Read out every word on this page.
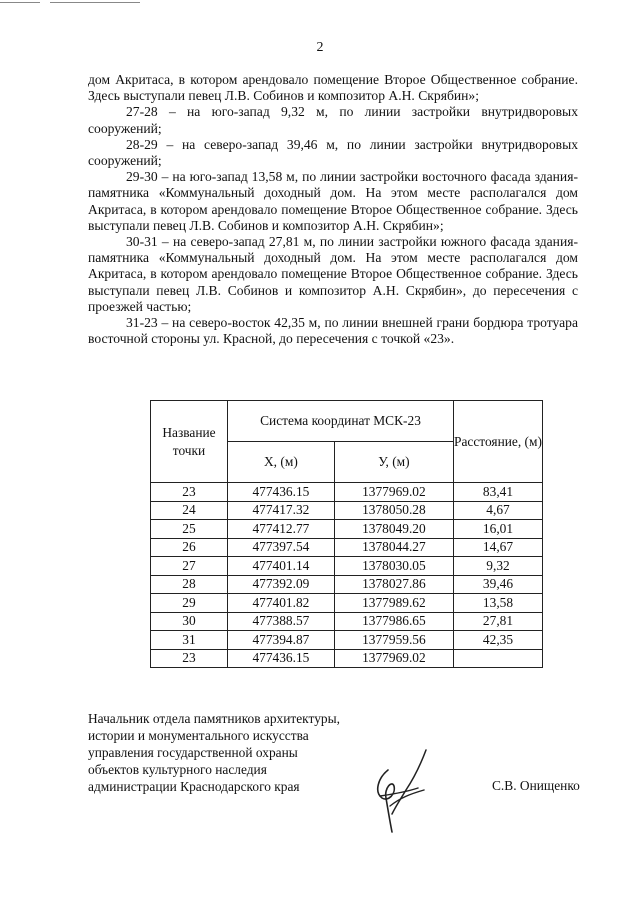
2

дом Акритаса, в котором арендовало помещение Второе Общественное собрание. Здесь выступали певец Л.В. Собинов и композитор А.Н. Скрябин»;

27-28 – на юго-запад 9,32 м, по линии застройки внутридворовых сооружений;

28-29 – на северо-запад 39,46 м, по линии застройки внутридворовых сооружений;

29-30 – на юго-запад 13,58 м, по линии застройки восточного фасада здания-памятника «Коммунальный доходный дом. На этом месте располагался дом Акритаса, в котором арендовало помещение Второе Общественное собрание. Здесь выступали певец Л.В. Собинов и композитор А.Н. Скрябин»;

30-31 – на северо-запад 27,81 м, по линии застройки южного фасада здания-памятника «Коммунальный доходный дом. На этом месте располагался дом Акритаса, в котором арендовало помещение Второе Общественное собрание. Здесь выступали певец Л.В. Собинов и композитор А.Н. Скрябин», до пересечения с проезжей частью;

31-23 – на северо-восток 42,35 м, по линии внешней грани бордюра тротуара восточной стороны ул. Красной, до пересечения с точкой «23».

Название точки	Система координат МСК-23		Расстояние, (м)
	X, (м)	У, (м)	
23	477436.15	1377969.02	83,41
24	477417.32	1378050.28	4,67
25	477412.77	1378049.20	16,01
26	477397.54	1378044.27	14,67
27	477401.14	1378030.05	9,32
28	477392.09	1378027.86	39,46
29	477401.82	1377989.62	13,58
30	477388.57	1377986.65	27,81
31	477394.87	1377959.56	42,35
23	477436.15	1377969.02	
Начальник отдела памятников архитектуры,
истории и монументального искусства
управления государственной охраны
объектов культурного наследия
администрации Краснодарского края	С.В. Онищенко
